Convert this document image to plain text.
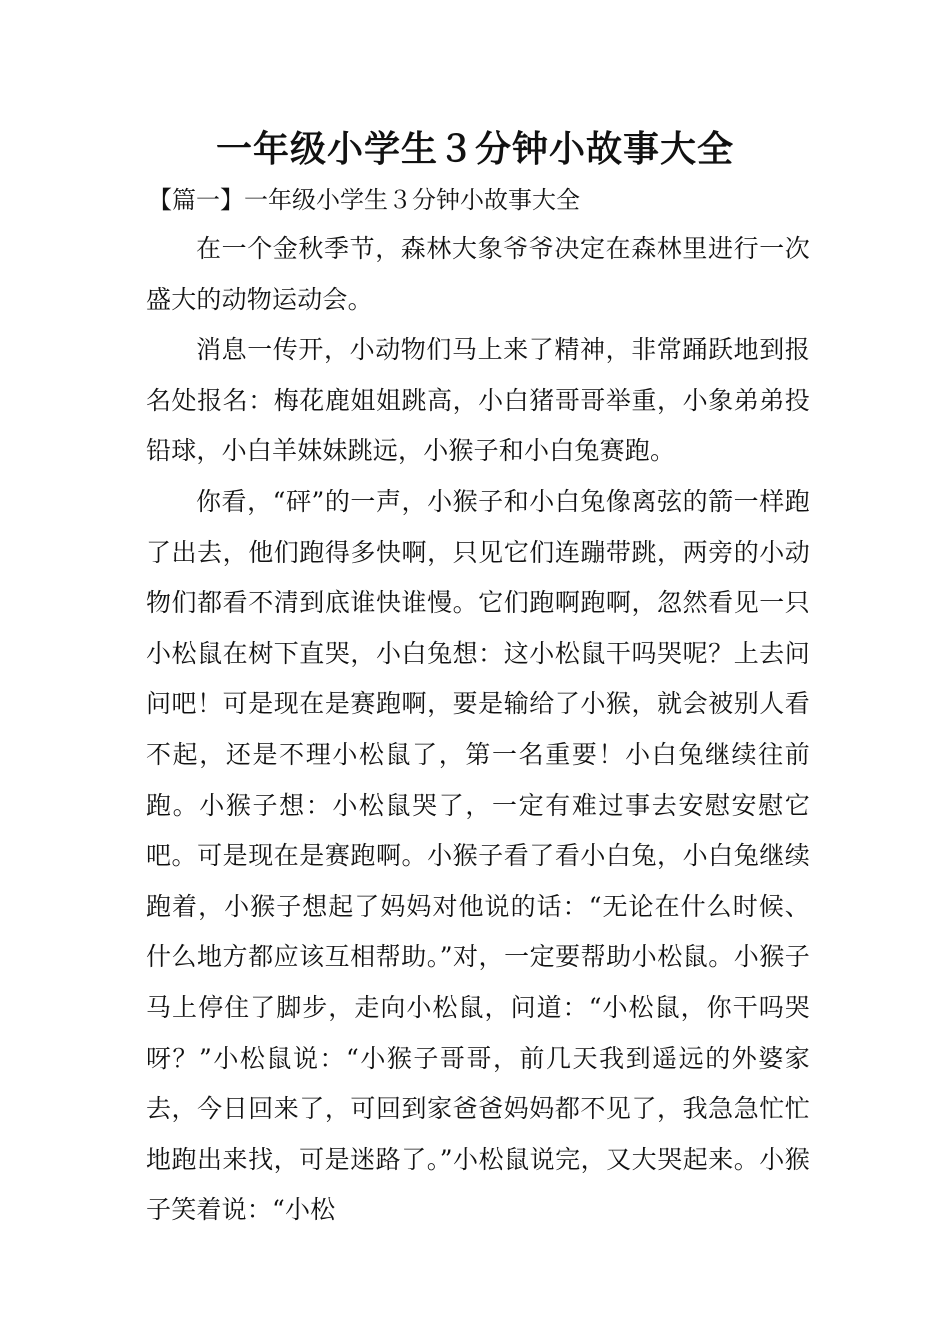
一年级小学生３分钟小故事大全

【篇一】一年级小学生３分钟小故事大全

在一个金秋季节，森林大象爷爷决定在森林里进行一次盛大的动物运动会。

消息一传开，小动物们马上来了精神，非常踊跃地到报名处报名：梅花鹿姐姐跳高，小白猪哥哥举重，小象弟弟投铅球，小白羊妹妹跳远，小猴子和小白兔赛跑。

你看，“砰”的一声，小猴子和小白兔像离弦的箭一样跑了出去，他们跑得多快啊，只见它们连蹦带跳，两旁的小动物们都看不清到底谁快谁慢。它们跑啊跑啊，忽然看见一只小松鼠在树下直哭，小白兔想：这小松鼠干吗哭呢？上去问问吧！可是现在是赛跑啊，要是输给了小猴，就会被别人看不起，还是不理小松鼠了，第一名重要！小白兔继续往前跑。小猴子想：小松鼠哭了，一定有难过事去安慰安慰它吧。可是现在是赛跑啊。小猴子看了看小白兔，小白兔继续跑着，小猴子想起了妈妈对他说的话：“无论在什么时候、什么地方都应该互相帮助。”对，一定要帮助小松鼠。小猴子马上停住了脚步，走向小松鼠，问道：“小松鼠，你干吗哭呀？”小松鼠说：“小猴子哥哥，前几天我到遥远的外婆家去，今日回来了，可回到家爸爸妈妈都不见了，我急急忙忙地跑出来找，可是迷路了。”小松鼠说完，又大哭起来。小猴子笑着说：“小松
